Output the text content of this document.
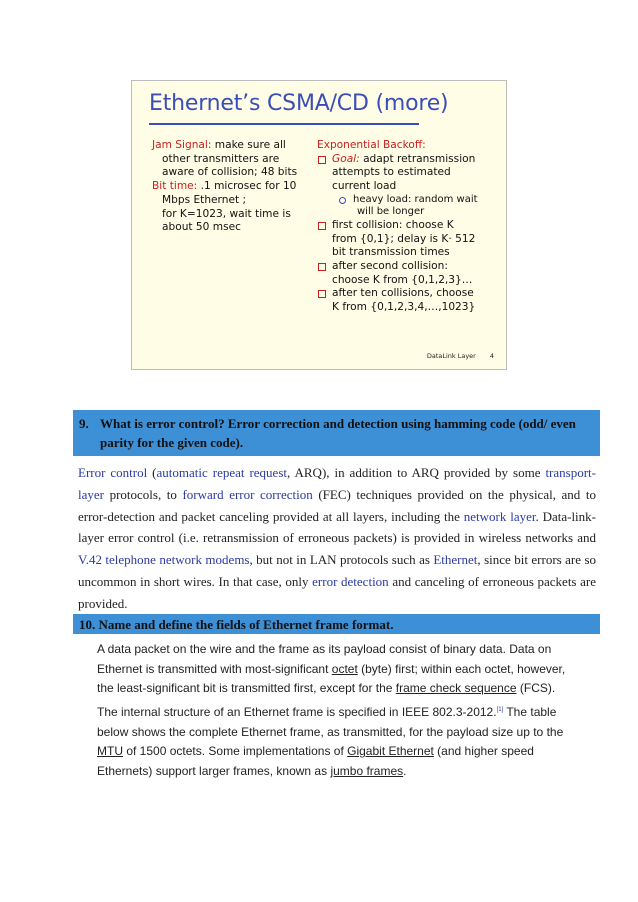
Ethernet’s CSMA/CD (more)
Jam Signal: make sure all
other transmitters are
aware of collision; 48 bits
Bit time: .1 microsec for 10
Mbps Ethernet ;
for K=1023, wait time is
about 50 msec
Exponential Backoff:
Goal: adapt retransmission
attempts to estimated
current load
heavy load: random wait
will be longer
first collision: choose K
from {0,1}; delay is K· 512
bit transmission times
after second collision:
choose K from {0,1,2,3}…
after ten collisions, choose
K from {0,1,2,3,4,…,1023}
DataLink Layer 4
9. What is error control? Error correction and detection using hamming code (odd/ even parity for the given code).
Error control (automatic repeat request, ARQ), in addition to ARQ provided by some transport-layer protocols, to forward error correction (FEC) techniques provided on the physical, and to error-detection and packet canceling provided at all layers, including the network layer. Data-link-layer error control (i.e. retransmission of erroneous packets) is provided in wireless networks and V.42 telephone network modems, but not in LAN protocols such as Ethernet, since bit errors are so uncommon in short wires. In that case, only error detection and canceling of erroneous packets are provided.
10. Name and define the fields of Ethernet frame format.
A data packet on the wire and the frame as its payload consist of binary data. Data on Ethernet is transmitted with most-significant octet (byte) first; within each octet, however, the least-significant bit is transmitted first, except for the frame check sequence (FCS).
The internal structure of an Ethernet frame is specified in IEEE 802.3-2012.[1] The table below shows the complete Ethernet frame, as transmitted, for the payload size up to the MTU of 1500 octets. Some implementations of Gigabit Ethernet (and higher speed Ethernets) support larger frames, known as jumbo frames.
